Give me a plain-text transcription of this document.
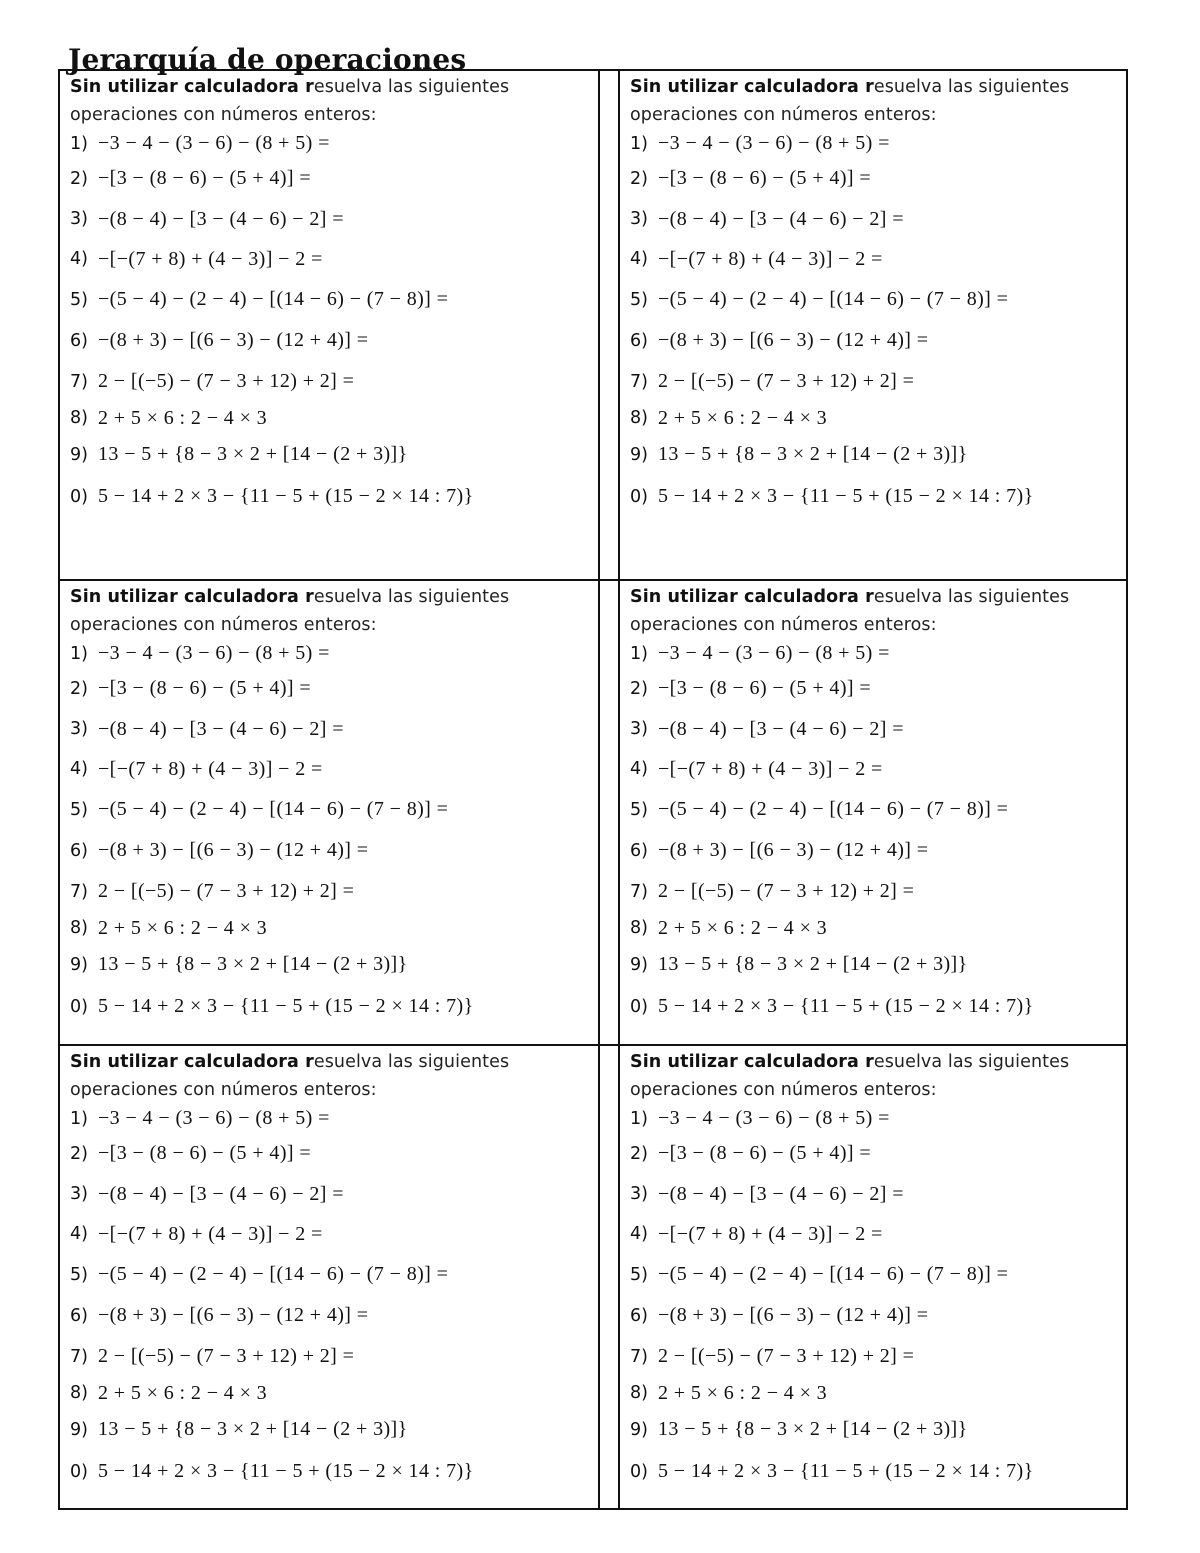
Jerarquía de operaciones

Sin utilizar calculadora resuelva las siguientes

operaciones con números enteros:

1) −3 − 4 − (3 − 6) − (8 + 5) =
2) −[3 − (8 − 6) − (5 + 4)] =
3) −(8 − 4) − [3 − (4 − 6) − 2] =
4) −[−(7 + 8) + (4 − 3)] − 2 =
5) −(5 − 4) − (2 − 4) − [(14 − 6) − (7 − 8)] =
6) −(8 + 3) − [(6 − 3) − (12 + 4)] =
7) 2 − [(−5) − (7 − 3 + 12) + 2] =
8) 2 + 5 × 6 : 2 − 4 × 3
9) 13 − 5 + {8 − 3 × 2 + [14 − (2 + 3)]}
0) 5 − 14 + 2 × 3 − {11 − 5 + (15 − 2 × 14 : 7)}

Sin utilizar calculadora resuelva las siguientes

operaciones con números enteros:

1) −3 − 4 − (3 − 6) − (8 + 5) =
2) −[3 − (8 − 6) − (5 + 4)] =
3) −(8 − 4) − [3 − (4 − 6) − 2] =
4) −[−(7 + 8) + (4 − 3)] − 2 =
5) −(5 − 4) − (2 − 4) − [(14 − 6) − (7 − 8)] =
6) −(8 + 3) − [(6 − 3) − (12 + 4)] =
7) 2 − [(−5) − (7 − 3 + 12) + 2] =
8) 2 + 5 × 6 : 2 − 4 × 3
9) 13 − 5 + {8 − 3 × 2 + [14 − (2 + 3)]}
0) 5 − 14 + 2 × 3 − {11 − 5 + (15 − 2 × 14 : 7)}

Sin utilizar calculadora resuelva las siguientes

operaciones con números enteros:

1) −3 − 4 − (3 − 6) − (8 + 5) =
2) −[3 − (8 − 6) − (5 + 4)] =
3) −(8 − 4) − [3 − (4 − 6) − 2] =
4) −[−(7 + 8) + (4 − 3)] − 2 =
5) −(5 − 4) − (2 − 4) − [(14 − 6) − (7 − 8)] =
6) −(8 + 3) − [(6 − 3) − (12 + 4)] =
7) 2 − [(−5) − (7 − 3 + 12) + 2] =
8) 2 + 5 × 6 : 2 − 4 × 3
9) 13 − 5 + {8 − 3 × 2 + [14 − (2 + 3)]}
0) 5 − 14 + 2 × 3 − {11 − 5 + (15 − 2 × 14 : 7)}

Sin utilizar calculadora resuelva las siguientes

operaciones con números enteros:

1) −3 − 4 − (3 − 6) − (8 + 5) =
2) −[3 − (8 − 6) − (5 + 4)] =
3) −(8 − 4) − [3 − (4 − 6) − 2] =
4) −[−(7 + 8) + (4 − 3)] − 2 =
5) −(5 − 4) − (2 − 4) − [(14 − 6) − (7 − 8)] =
6) −(8 + 3) − [(6 − 3) − (12 + 4)] =
7) 2 − [(−5) − (7 − 3 + 12) + 2] =
8) 2 + 5 × 6 : 2 − 4 × 3
9) 13 − 5 + {8 − 3 × 2 + [14 − (2 + 3)]}
0) 5 − 14 + 2 × 3 − {11 − 5 + (15 − 2 × 14 : 7)}

Sin utilizar calculadora resuelva las siguientes

operaciones con números enteros:

1) −3 − 4 − (3 − 6) − (8 + 5) =
2) −[3 − (8 − 6) − (5 + 4)] =
3) −(8 − 4) − [3 − (4 − 6) − 2] =
4) −[−(7 + 8) + (4 − 3)] − 2 =
5) −(5 − 4) − (2 − 4) − [(14 − 6) − (7 − 8)] =
6) −(8 + 3) − [(6 − 3) − (12 + 4)] =
7) 2 − [(−5) − (7 − 3 + 12) + 2] =
8) 2 + 5 × 6 : 2 − 4 × 3
9) 13 − 5 + {8 − 3 × 2 + [14 − (2 + 3)]}
0) 5 − 14 + 2 × 3 − {11 − 5 + (15 − 2 × 14 : 7)}

Sin utilizar calculadora resuelva las siguientes

operaciones con números enteros:

1) −3 − 4 − (3 − 6) − (8 + 5) =
2) −[3 − (8 − 6) − (5 + 4)] =
3) −(8 − 4) − [3 − (4 − 6) − 2] =
4) −[−(7 + 8) + (4 − 3)] − 2 =
5) −(5 − 4) − (2 − 4) − [(14 − 6) − (7 − 8)] =
6) −(8 + 3) − [(6 − 3) − (12 + 4)] =
7) 2 − [(−5) − (7 − 3 + 12) + 2] =
8) 2 + 5 × 6 : 2 − 4 × 3
9) 13 − 5 + {8 − 3 × 2 + [14 − (2 + 3)]}
0) 5 − 14 + 2 × 3 − {11 − 5 + (15 − 2 × 14 : 7)}
